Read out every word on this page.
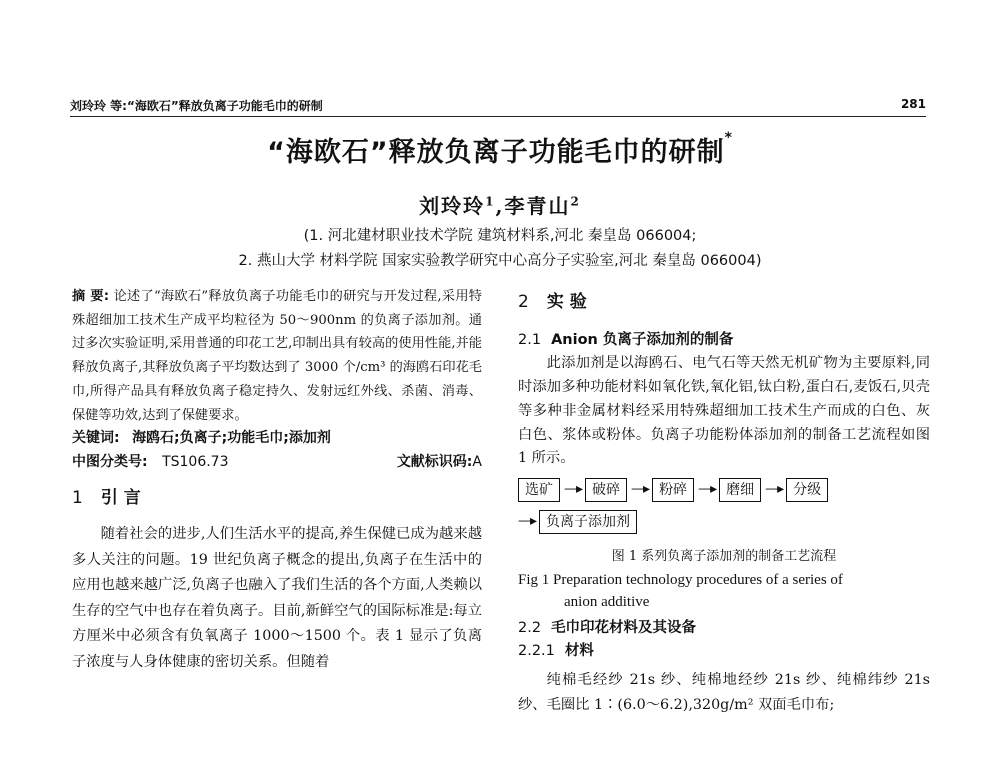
刘玲玲 等:“海欧石”释放负离子功能毛巾的研制	281
“海欧石”释放负离子功能毛巾的研制*
刘玲玲$^1$,李青山$^2$
(1. 河北建材职业技术学院 建筑材料系,河北 秦皇岛 066004;
2. 燕山大学 材料学院 国家实验教学研究中心高分子实验室,河北 秦皇岛 066004)

摘 要: 论述了“海欧石”释放负离子功能毛巾的研究与开发过程,采用特殊超细加工技术生产成平均粒径为 50～900nm 的负离子添加剂。通过多次实验证明,采用普通的印花工艺,印制出具有较高的使用性能,并能释放负离子,其释放负离子平均数达到了 3000 个/cm³ 的海鸥石印花毛巾,所得产品具有释放负离子稳定持久、发射远红外线、杀菌、消毒、保健等功效,达到了保健要求。

关键词: 海鸥石;负离子;功能毛巾;添加剂

中图分类号: TS106.73	文献标识码:A
1 引 言

随着社会的进步,人们生活水平的提高,养生保健已成为越来越多人关注的问题。19 世纪负离子概念的提出,负离子在生活中的应用也越来越广泛,负离子也融入了我们生活的各个方面,人类赖以生存的空气中也存在着负离子。目前,新鲜空气的国际标准是:每立方厘米中必须含有负氧离子 1000～1500 个。表 1 显示了负离子浓度与人身体健康的密切关系。但随着

2 实 验
2.1 Anion 负离子添加剂的制备

此添加剂是以海鸥石、电气石等天然无机矿物为主要原料,同时添加多种功能材料如氧化铁,氧化铝,钛白粉,蛋白石,麦饭石,贝壳等多种非金属材料经采用特殊超细加工技术生产而成的白色、灰白色、浆体或粉体。负离子功能粉体添加剂的制备工艺流程如图 1 所示。

选矿 —▸ 破碎 —▸ 粉碎 —▸ 磨细 —▸ 分级
—▸ 负离子添加剂
图 1 系列负离子添加剂的制备工艺流程
Fig 1 Preparation technology procedures of a series of
anion additive
2.2 毛巾印花材料及其设备
2.2.1 材料

纯棉毛经纱 21s 纱、纯棉地经纱 21s 纱、纯棉纬纱 21s 纱、毛圈比 1∶(6.0～6.2),320g/m² 双面毛巾布;
